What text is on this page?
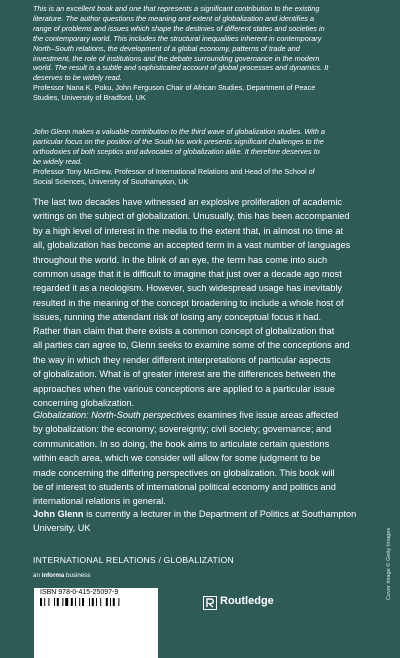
This is an excellent book and one that represents a significant contribution to the existing
literature. The author questions the meaning and extent of globalization and identifies a
range of problems and issues which shape the destinies of different states and societies in
the contemporary world. This includes the structural inequalities inherent in contemporary
North–South relations, the development of a global economy, patterns of trade and
investment, the role of institutions and the debate surrounding governance in the modern
world. The result is a subtle and sophisticated account of global processes and dynamics. It
deserves to be widely read.

Professor Nana K. Poku, John Ferguson Chair of African Studies, Department of Peace
Studies, University of Bradford, UK

John Glenn makes a valuable contribution to the third wave of globalization studies. With a
particular focus on the position of the South his work presents significant challenges to the
orthodoxies of both sceptics and advocates of globalization alike. It therefore deserves to
be widely read.

Professor Tony McGrew, Professor of International Relations and Head of the School of
Social Sciences, University of Southampton, UK

The last two decades have witnessed an explosive proliferation of academic
writings on the subject of globalization. Unusually, this has been accompanied
by a high level of interest in the media to the extent that, in almost no time at
all, globalization has become an accepted term in a vast number of languages
throughout the world. In the blink of an eye, the term has come into such
common usage that it is difficult to imagine that just over a decade ago most
regarded it as a neologism. However, such widespread usage has inevitably
resulted in the meaning of the concept broadening to include a whole host of
issues, running the attendant risk of losing any conceptual focus it had.

Rather than claim that there exists a common concept of globalization that
all parties can agree to, Glenn seeks to examine some of the conceptions and
the way in which they render different interpretations of particular aspects
of globalization. What is of greater interest are the differences between the
approaches when the various conceptions are applied to a particular issue
concerning globalization.

Globalization: North-South perspectives examines five issue areas affected
by globalization: the economy; sovereignty; civil society; governance; and
communication. In so doing, the book aims to articulate certain questions
within each area, which we consider will allow for some judgment to be
made concerning the differing perspectives on globalization. This book will
be of interest to students of international political economy and politics and
international relations in general.

John Glenn is currently a lecturer in the Department of Politics at Southampton
University, UK

INTERNATIONAL RELATIONS / GLOBALIZATION
an informa business
ISBN 978-0-415-25097-9
Routledge
Cover image © Getty Images
